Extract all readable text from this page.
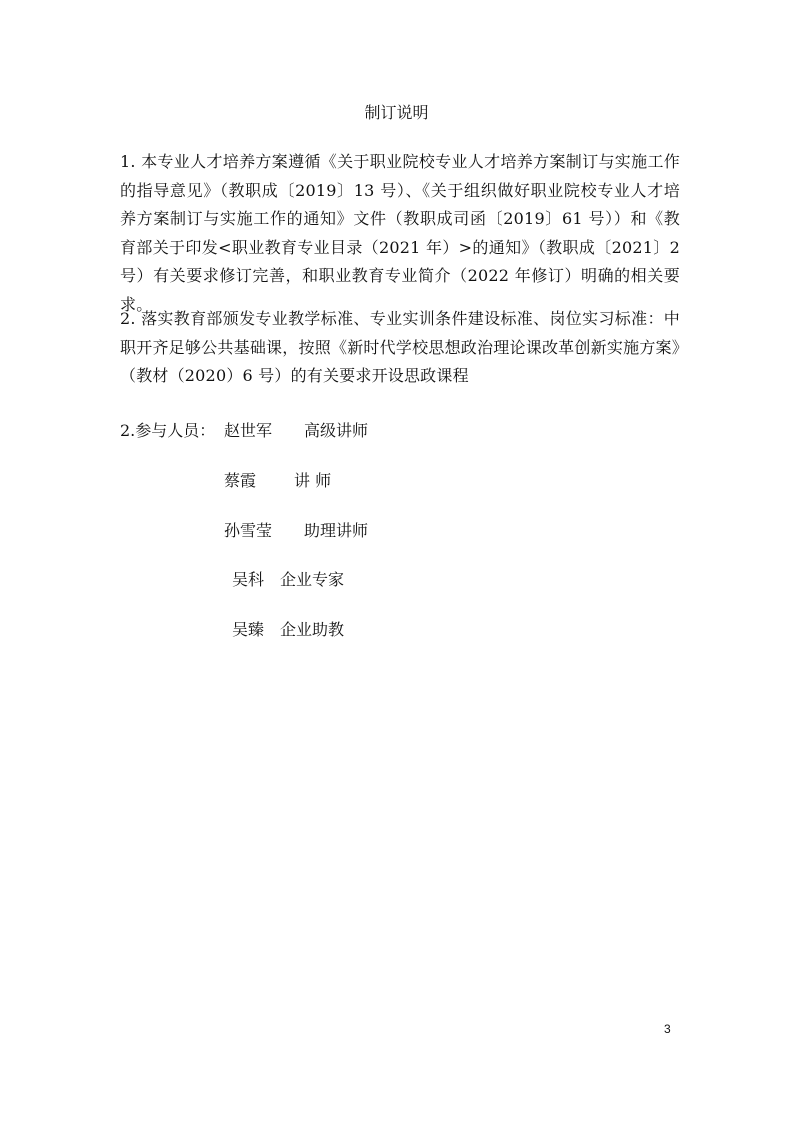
制订说明
1. 本专业人才培养方案遵循《关于职业院校专业人才培养方案制订与实施工作的指导意见》（教职成〔2019〕13 号）、《关于组织做好职业院校专业人才培养方案制订与实施工作的通知》文件（教职成司函〔2019〕61 号））和《教育部关于印发<职业教育专业目录（2021 年）>的通知》（教职成〔2021〕2 号）有关要求修订完善，和职业教育专业简介（2022 年修订）明确的相关要求。
2. 落实教育部颁发专业教学标准、专业实训条件建设标准、岗位实习标准：中职开齐足够公共基础课，按照《新时代学校思想政治理论课改革创新实施方案》（教材（2020）6 号）的有关要求开设思政课程
2.参与人员： 赵世军 高级讲师
蔡霞 讲 师
孙雪莹 助理讲师
吴科 企业专家
吴臻 企业助教
3
